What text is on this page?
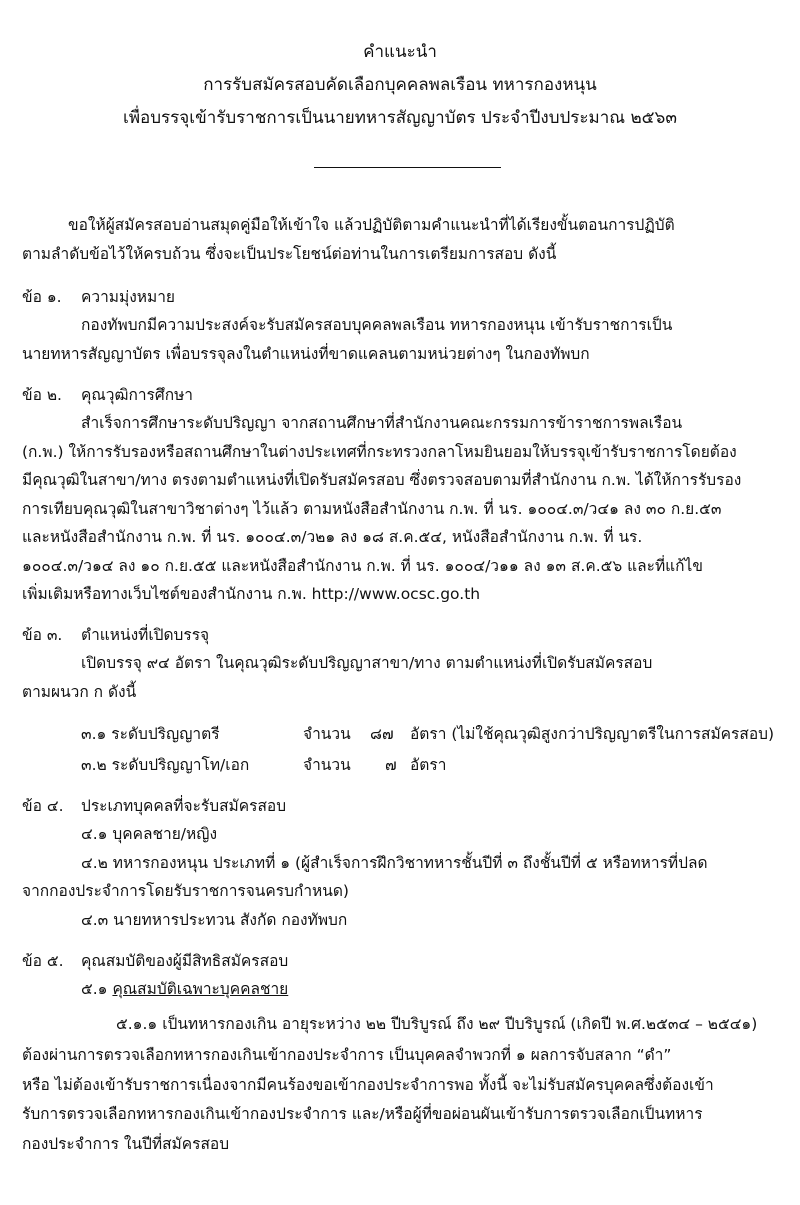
คำแนะนำ
การรับสมัครสอบคัดเลือกบุคคลพลเรือน ทหารกองหนุน
เพื่อบรรจุเข้ารับราชการเป็นนายทหารสัญญาบัตร ประจำปีงบประมาณ ๒๕๖๓
ขอให้ผู้สมัครสอบอ่านสมุดคู่มือให้เข้าใจ แล้วปฏิบัติตามคำแนะนำที่ได้เรียงขั้นตอนการปฏิบัติ
ตามลำดับข้อไว้ให้ครบถ้วน ซึ่งจะเป็นประโยชน์ต่อท่านในการเตรียมการสอบ ดังนี้
ข้อ ๑. ความมุ่งหมาย
กองทัพบกมีความประสงค์จะรับสมัครสอบบุคคลพลเรือน ทหารกองหนุน เข้ารับราชการเป็น
นายทหารสัญญาบัตร เพื่อบรรจุลงในตำแหน่งที่ขาดแคลนตามหน่วยต่างๆ ในกองทัพบก
ข้อ ๒. คุณวุฒิการศึกษา
สำเร็จการศึกษาระดับปริญญา จากสถานศึกษาที่สำนักงานคณะกรรมการข้าราชการพลเรือน
(ก.พ.) ให้การรับรองหรือสถานศึกษาในต่างประเทศที่กระทรวงกลาโหมยินยอมให้บรรจุเข้ารับราชการโดยต้อง
มีคุณวุฒิในสาขา/ทาง ตรงตามตำแหน่งที่เปิดรับสมัครสอบ ซึ่งตรวจสอบตามที่สำนักงาน ก.พ. ได้ให้การรับรอง
การเทียบคุณวุฒิในสาขาวิชาต่างๆ ไว้แล้ว ตามหนังสือสำนักงาน ก.พ. ที่ นร. ๑๐๐๔.๓/ว๔๑ ลง ๓๐ ก.ย.๕๓
และหนังสือสำนักงาน ก.พ. ที่ นร. ๑๐๐๔.๓/ว๒๑ ลง ๑๘ ส.ค.๕๔, หนังสือสำนักงาน ก.พ. ที่ นร.
๑๐๐๔.๓/ว๑๔ ลง ๑๐ ก.ย.๕๕ และหนังสือสำนักงาน ก.พ. ที่ นร. ๑๐๐๔/ว๑๑ ลง ๑๓ ส.ค.๕๖ และที่แก้ไข
เพิ่มเติมหรือทางเว็บไซต์ของสำนักงาน ก.พ. http://www.ocsc.go.th
ข้อ ๓. ตำแหน่งที่เปิดบรรจุ
เปิดบรรจุ ๙๔ อัตรา ในคุณวุฒิระดับปริญญาสาขา/ทาง ตามตำแหน่งที่เปิดรับสมัครสอบ
ตามผนวก ก ดังนี้
๓.๑ ระดับปริญญาตรี	จำนวน ๘๗ อัตรา (ไม่ใช้คุณวุฒิสูงกว่าปริญญาตรีในการสมัครสอบ)
๓.๒ ระดับปริญญาโท/เอก	จำนวน ๗ อัตรา
ข้อ ๔. ประเภทบุคคลที่จะรับสมัครสอบ
๔.๑ บุคคลชาย/หญิง
๔.๒ ทหารกองหนุน ประเภทที่ ๑ (ผู้สำเร็จการฝึกวิชาทหารชั้นปีที่ ๓ ถึงชั้นปีที่ ๕ หรือทหารที่ปลด
จากกองประจำการโดยรับราชการจนครบกำหนด)
๔.๓ นายทหารประทวน สังกัด กองทัพบก
ข้อ ๕. คุณสมบัติของผู้มีสิทธิสมัครสอบ
๕.๑ คุณสมบัติเฉพาะบุคคลชาย
๕.๑.๑ เป็นทหารกองเกิน อายุระหว่าง ๒๒ ปีบริบูรณ์ ถึง ๒๙ ปีบริบูรณ์ (เกิดปี พ.ศ.๒๕๓๔ – ๒๕๔๑)
ต้องผ่านการตรวจเลือกทหารกองเกินเข้ากองประจำการ เป็นบุคคลจำพวกที่ ๑ ผลการจับสลาก “ดำ”
หรือ ไม่ต้องเข้ารับราชการเนื่องจากมีคนร้องขอเข้ากองประจำการพอ ทั้งนี้ จะไม่รับสมัครบุคคลซึ่งต้องเข้า
รับการตรวจเลือกทหารกองเกินเข้ากองประจำการ และ/หรือผู้ที่ขอผ่อนผันเข้ารับการตรวจเลือกเป็นทหาร
กองประจำการ ในปีที่สมัครสอบ
